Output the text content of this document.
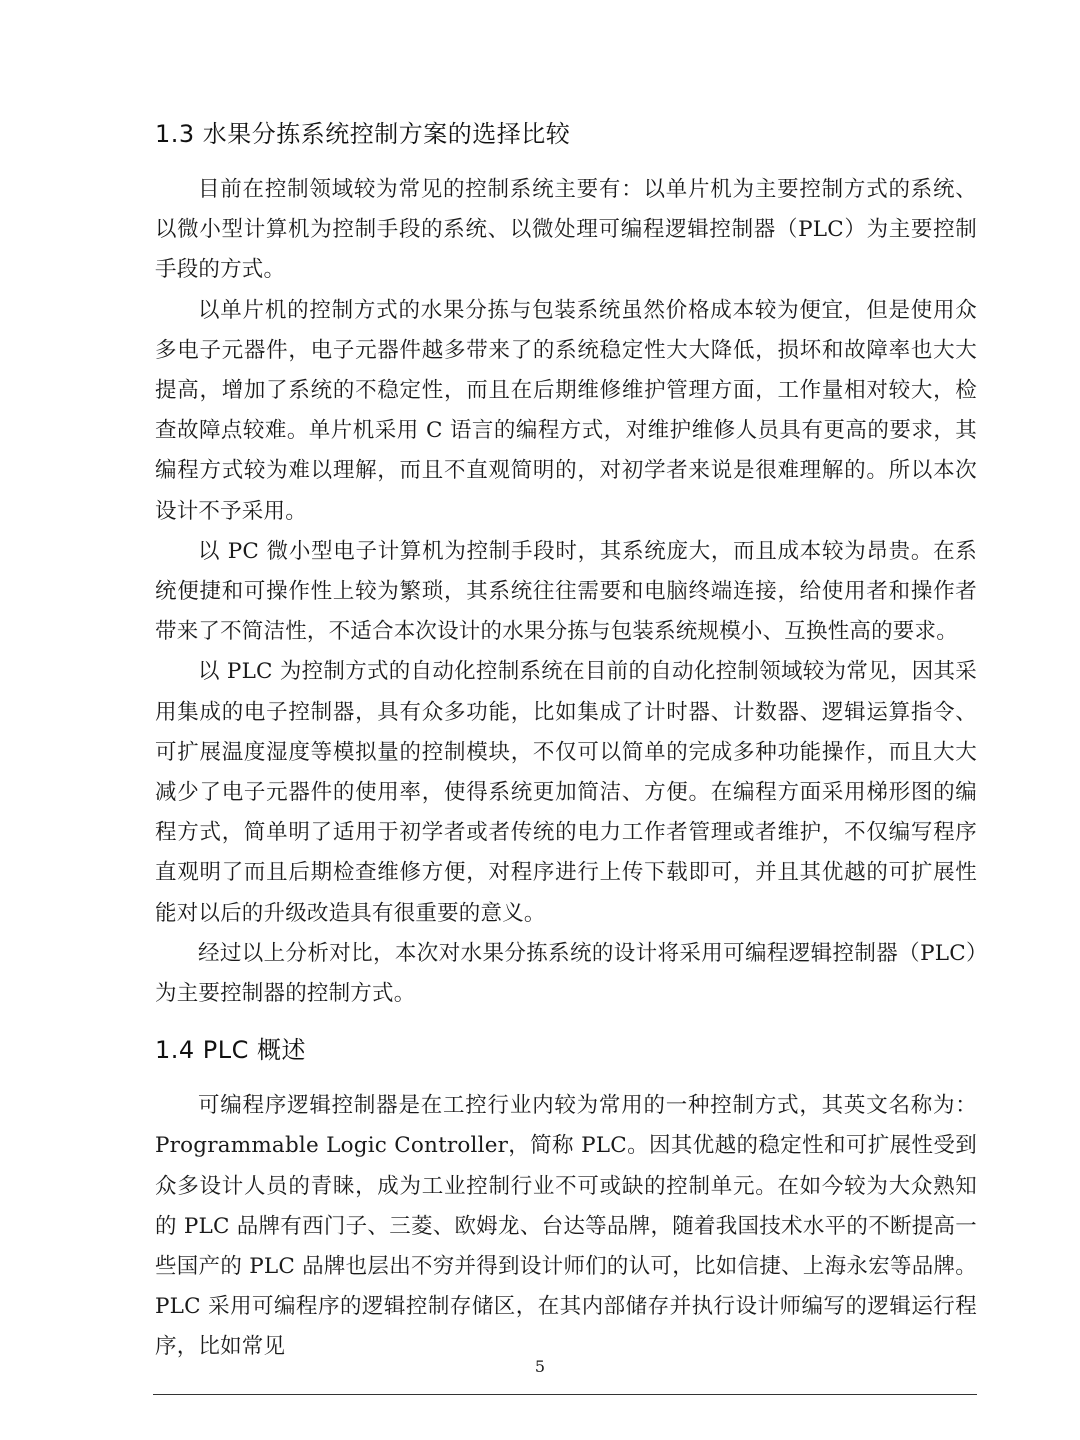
1.3 水果分拣系统控制方案的选择比较

目前在控制领域较为常见的控制系统主要有：以单片机为主要控制方式的系统、以微小型计算机为控制手段的系统、以微处理可编程逻辑控制器（PLC）为主要控制手段的方式。

以单片机的控制方式的水果分拣与包装系统虽然价格成本较为便宜，但是使用众多电子元器件，电子元器件越多带来了的系统稳定性大大降低，损坏和故障率也大大提高，增加了系统的不稳定性，而且在后期维修维护管理方面，工作量相对较大，检查故障点较难。单片机采用 C 语言的编程方式，对维护维修人员具有更高的要求，其编程方式较为难以理解，而且不直观简明的，对初学者来说是很难理解的。所以本次设计不予采用。

以 PC 微小型电子计算机为控制手段时，其系统庞大，而且成本较为昂贵。在系统便捷和可操作性上较为繁琐，其系统往往需要和电脑终端连接，给使用者和操作者带来了不简洁性，不适合本次设计的水果分拣与包装系统规模小、互换性高的要求。

以 PLC 为控制方式的自动化控制系统在目前的自动化控制领域较为常见，因其采用集成的电子控制器，具有众多功能，比如集成了计时器、计数器、逻辑运算指令、可扩展温度湿度等模拟量的控制模块，不仅可以简单的完成多种功能操作，而且大大减少了电子元器件的使用率，使得系统更加简洁、方便。在编程方面采用梯形图的编程方式，简单明了适用于初学者或者传统的电力工作者管理或者维护，不仅编写程序直观明了而且后期检查维修方便，对程序进行上传下载即可，并且其优越的可扩展性能对以后的升级改造具有很重要的意义。

经过以上分析对比，本次对水果分拣系统的设计将采用可编程逻辑控制器（PLC）为主要控制器的控制方式。

1.4 PLC 概述

可编程序逻辑控制器是在工控行业内较为常用的一种控制方式，其英文名称为：Programmable Logic Controller，简称 PLC。因其优越的稳定性和可扩展性受到众多设计人员的青睐，成为工业控制行业不可或缺的控制单元。在如今较为大众熟知的 PLC 品牌有西门子、三菱、欧姆龙、台达等品牌，随着我国技术水平的不断提高一些国产的 PLC 品牌也层出不穷并得到设计师们的认可，比如信捷、上海永宏等品牌。PLC 采用可编程序的逻辑控制存储区，在其内部储存并执行设计师编写的逻辑运行程序，比如常见

5
